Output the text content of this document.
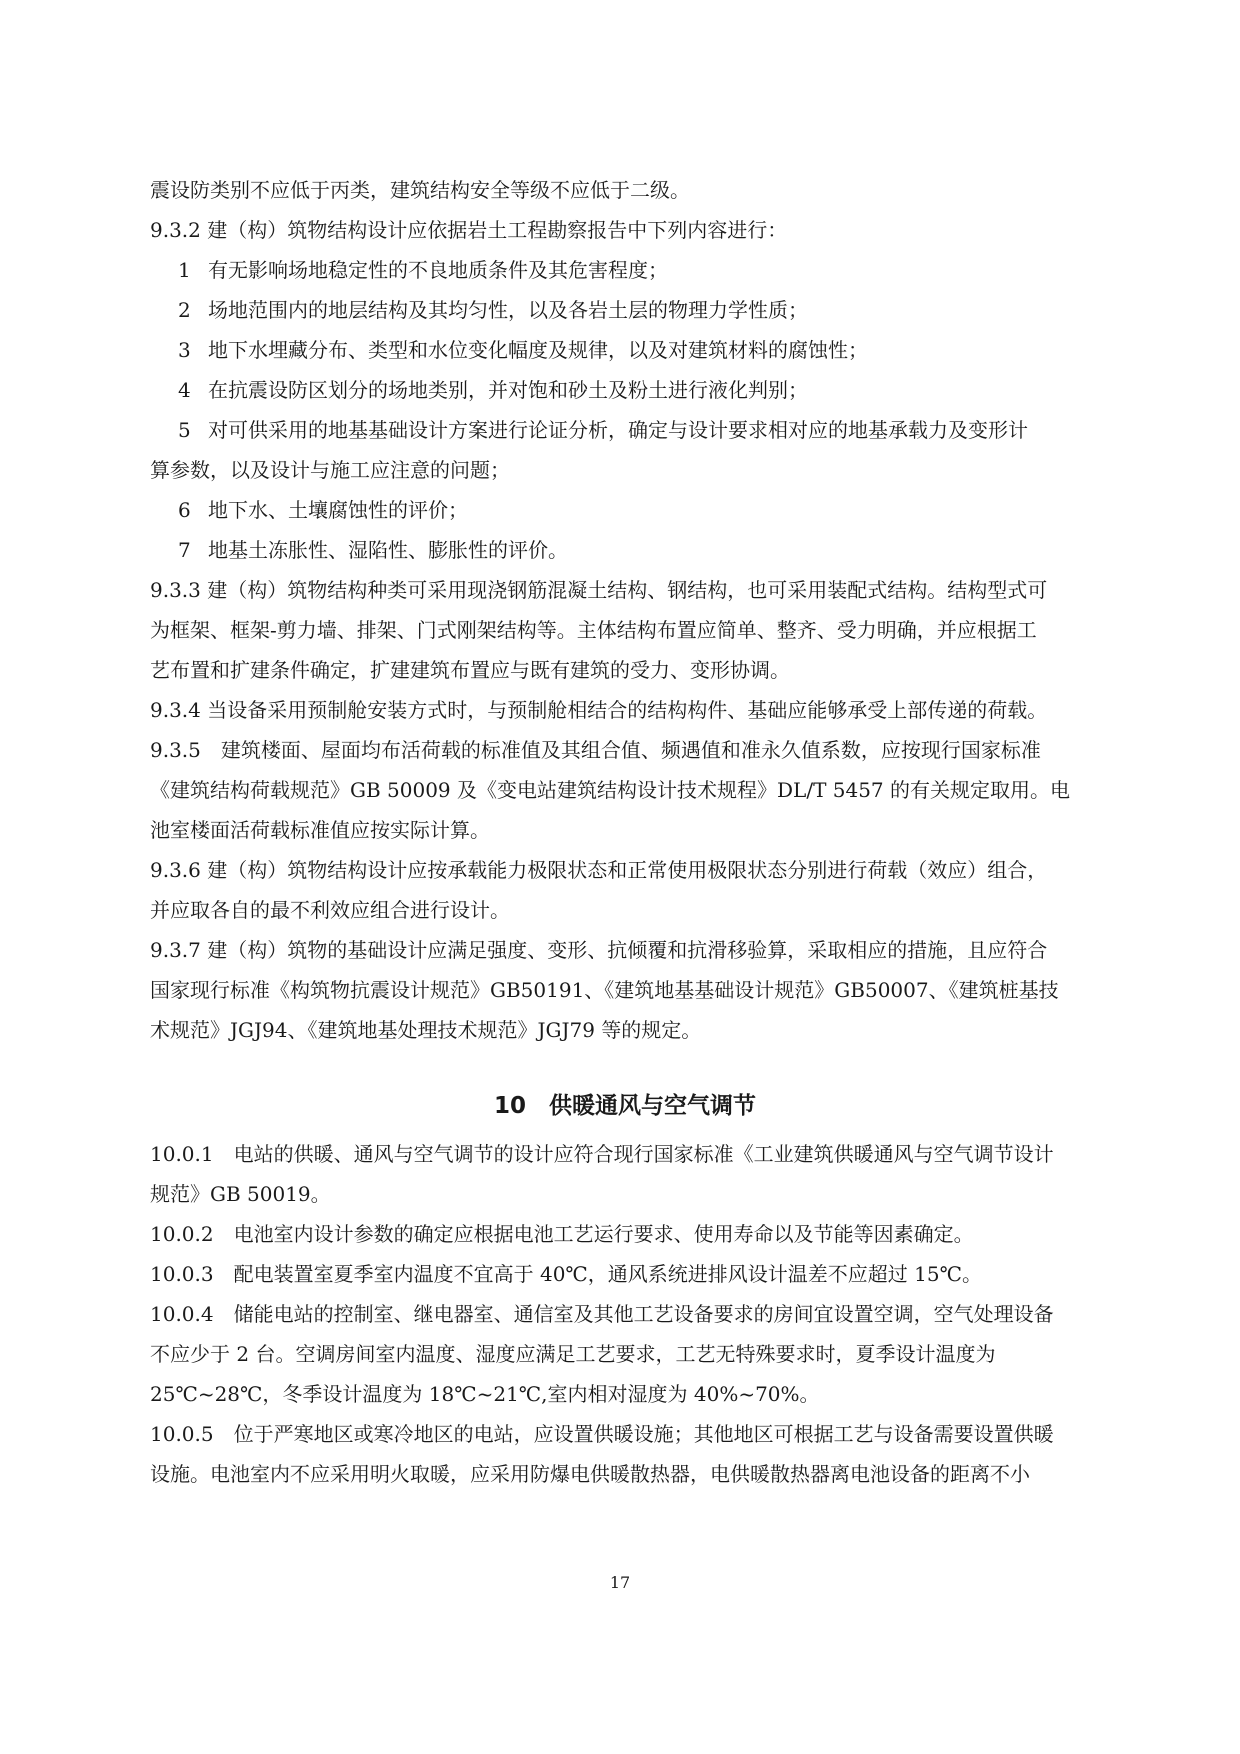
震设防类别不应低于丙类，建筑结构安全等级不应低于二级。
9.3.2 建（构）筑物结构设计应依据岩土工程勘察报告中下列内容进行：
1 有无影响场地稳定性的不良地质条件及其危害程度；
2 场地范围内的地层结构及其均匀性，以及各岩土层的物理力学性质；
3 地下水埋藏分布、类型和水位变化幅度及规律，以及对建筑材料的腐蚀性；
4 在抗震设防区划分的场地类别，并对饱和砂土及粉土进行液化判别；
5 对可供采用的地基基础设计方案进行论证分析，确定与设计要求相对应的地基承载力及变形计
算参数，以及设计与施工应注意的问题；
6 地下水、土壤腐蚀性的评价；
7 地基土冻胀性、湿陷性、膨胀性的评价。
9.3.3 建（构）筑物结构种类可采用现浇钢筋混凝土结构、钢结构，也可采用装配式结构。结构型式可
为框架、框架-剪力墙、排架、门式刚架结构等。主体结构布置应简单、整齐、受力明确，并应根据工
艺布置和扩建条件确定，扩建建筑布置应与既有建筑的受力、变形协调。
9.3.4 当设备采用预制舱安装方式时，与预制舱相结合的结构构件、基础应能够承受上部传递的荷载。
9.3.5　建筑楼面、屋面均布活荷载的标准值及其组合值、频遇值和准永久值系数，应按现行国家标准
《建筑结构荷载规范》GB 50009 及《变电站建筑结构设计技术规程》DL/T 5457 的有关规定取用。电
池室楼面活荷载标准值应按实际计算。
9.3.6 建（构）筑物结构设计应按承载能力极限状态和正常使用极限状态分别进行荷载（效应）组合，
并应取各自的最不利效应组合进行设计。
9.3.7 建（构）筑物的基础设计应满足强度、变形、抗倾覆和抗滑移验算，采取相应的措施，且应符合
国家现行标准《构筑物抗震设计规范》GB50191、《建筑地基基础设计规范》GB50007、《建筑桩基技
术规范》JGJ94、《建筑地基处理技术规范》JGJ79 等的规定。
10　供暖通风与空气调节
10.0.1　电站的供暖、通风与空气调节的设计应符合现行国家标准《工业建筑供暖通风与空气调节设计
规范》GB 50019。
10.0.2　电池室内设计参数的确定应根据电池工艺运行要求、使用寿命以及节能等因素确定。
10.0.3　配电装置室夏季室内温度不宜高于 40℃，通风系统进排风设计温差不应超过 15℃。
10.0.4　储能电站的控制室、继电器室、通信室及其他工艺设备要求的房间宜设置空调，空气处理设备
不应少于 2 台。空调房间室内温度、湿度应满足工艺要求，工艺无特殊要求时，夏季设计温度为
25℃~28℃，冬季设计温度为 18℃~21℃,室内相对湿度为 40%~70%。
10.0.5　位于严寒地区或寒冷地区的电站，应设置供暖设施；其他地区可根据工艺与设备需要设置供暖
设施。电池室内不应采用明火取暖，应采用防爆电供暖散热器，电供暖散热器离电池设备的距离不小
17
